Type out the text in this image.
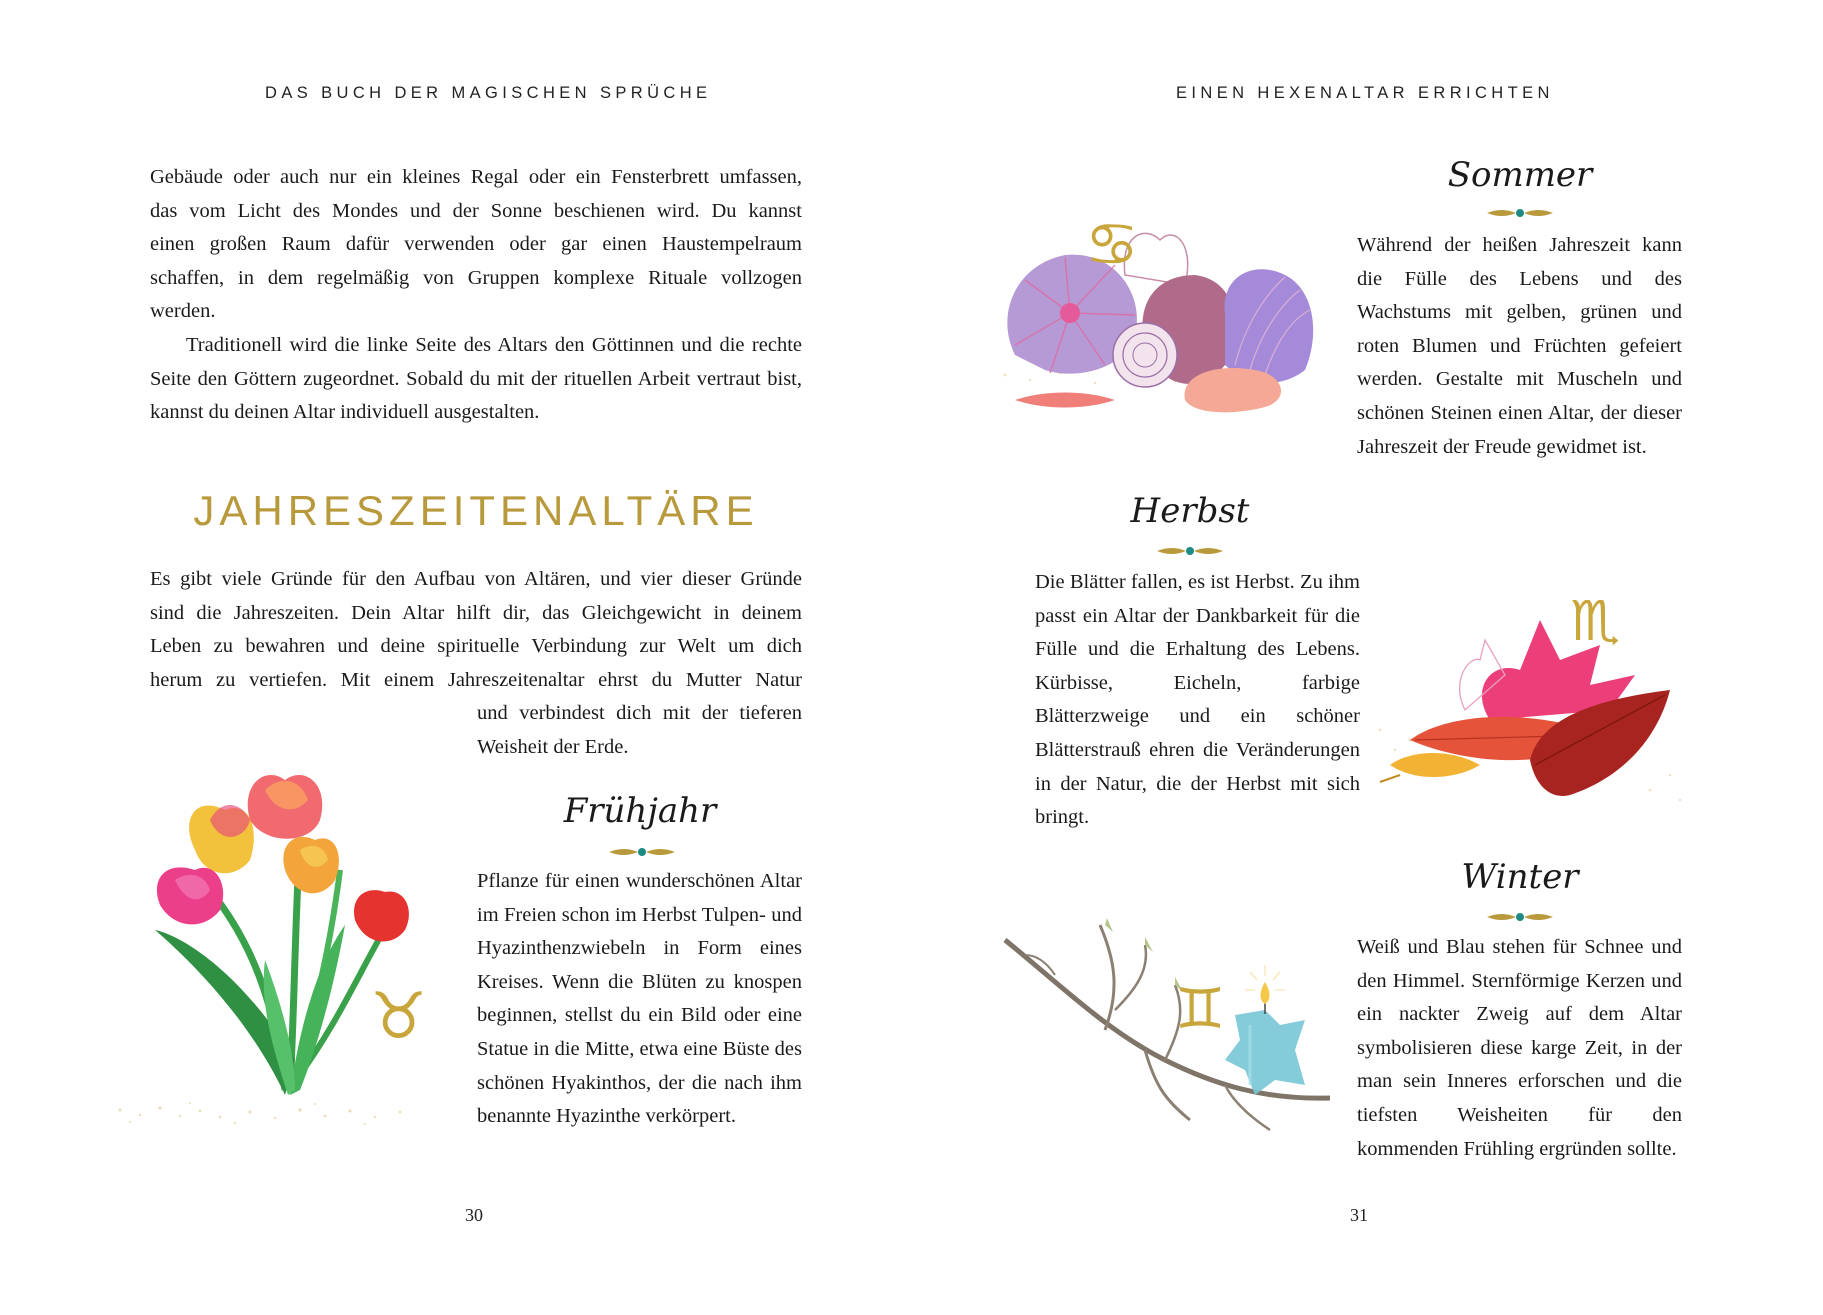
DAS BUCH DER MAGISCHEN SPRÜCHE

Gebäude oder auch nur ein kleines Regal oder ein Fensterbrett umfassen,

das vom Licht des Mondes und der Sonne beschienen wird. Du kannst

einen großen Raum dafür verwenden oder gar einen Haustempelraum

schaffen, in dem regelmäßig von Gruppen komplexe Rituale vollzogen

werden.

Traditionell wird die linke Seite des Altars den Göttinnen und die rechte Seite den Göttern zugeordnet. Sobald du mit der rituellen Arbeit vertraut bist, kannst du deinen Altar individuell ausgestalten.

JAHRESZEITENALTÄRE

Es gibt viele Gründe für den Aufbau von Altären, und vier dieser Gründe

sind die Jahreszeiten. Dein Altar hilft dir, das Gleichgewicht in deinem

Leben zu bewahren und deine spirituelle Verbindung zur Welt um dich

herum zu vertiefen. Mit einem Jahreszeitenaltar ehrst du Mutter Natur

und verbindest dich mit der tieferen Weisheit der Erde.
Frühjahr
Pflanze für einen wunderschönen Altar im Freien schon im Herbst Tulpen- und Hyazinthenzwiebeln in Form eines Kreises. Wenn die Blüten zu knospen beginnen, stellst du ein Bild oder eine Statue in die Mitte, etwa eine Büste des schönen Hyakinthos, der die nach ihm benannte Hyazinthe verkörpert.
♉
30
EINEN HEXENALTAR ERRICHTEN
Sommer
Während der heißen Jahreszeit kann die Fülle des Lebens und des Wachstums mit gelben, grünen und roten Blumen und Früchten gefeiert werden. Gestalte mit Muscheln und schönen Steinen einen Altar, der dieser Jahreszeit der Freude gewidmet ist.
♋
Herbst
Die Blätter fallen, es ist Herbst. Zu ihm passt ein Altar der Dankbarkeit für die Fülle und die Erhaltung des Lebens. Kürbisse, Eicheln, farbige Blätterzweige und ein schöner Blätterstrauß ehren die Veränderungen in der Natur, die der Herbst mit sich bringt.
♏
Winter
Weiß und Blau stehen für Schnee und den Himmel. Sternförmige Kerzen und ein nackter Zweig auf dem Altar symbolisieren diese karge Zeit, in der man sein Inneres erforschen und die tiefsten Weisheiten für den kommenden Frühling ergründen sollte.
♊
31
